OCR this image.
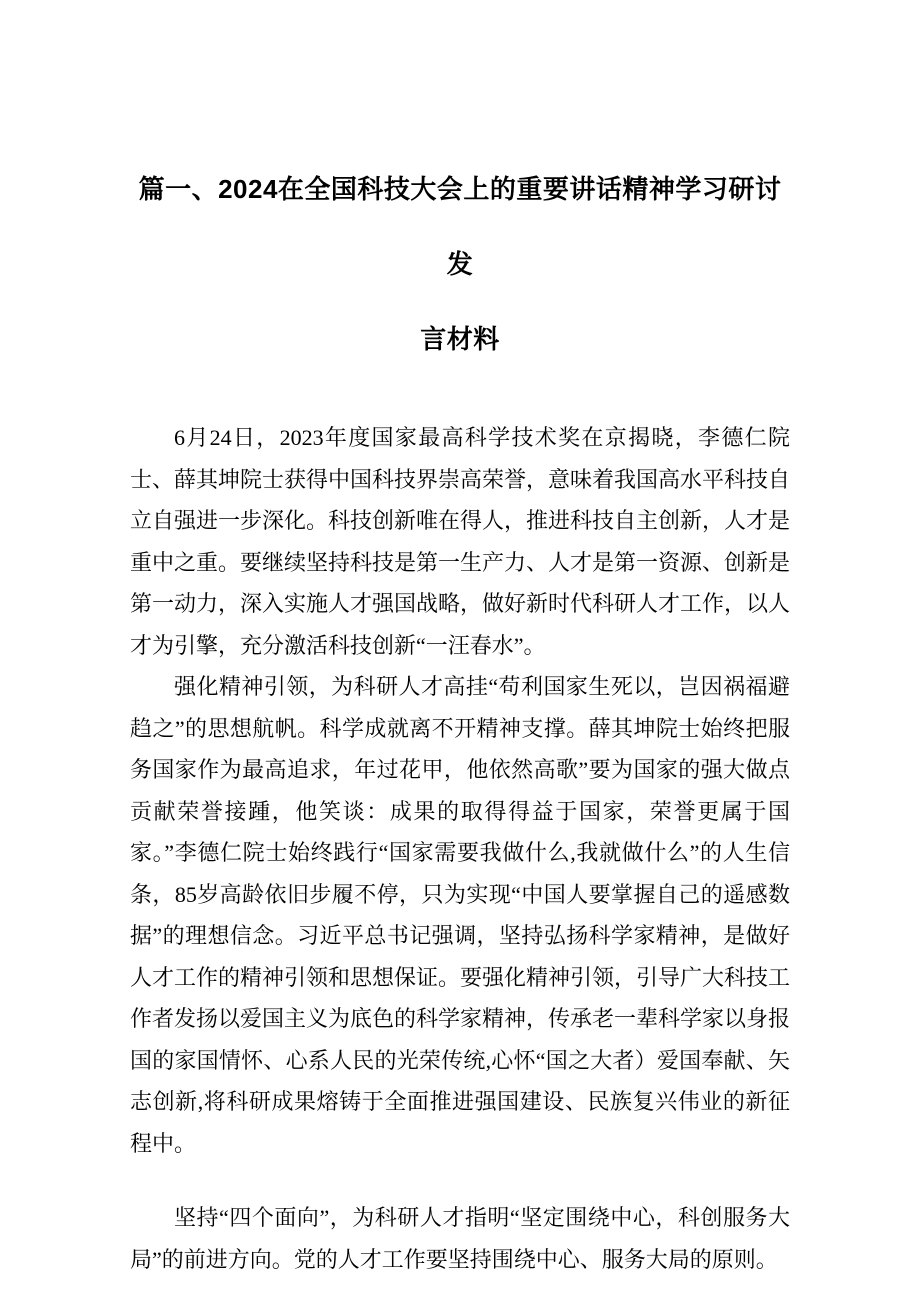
篇一、2024在全国科技大会上的重要讲话精神学习研讨发
言材料

6月24日，2023年度国家最高科学技术奖在京揭晓，李德仁院士、薛其坤院士获得中国科技界崇高荣誉，意味着我国高水平科技自立自强进一步深化。科技创新唯在得人，推进科技自主创新，人才是重中之重。要继续坚持科技是第一生产力、人才是第一资源、创新是第一动力，深入实施人才强国战略，做好新时代科研人才工作，以人才为引擎，充分激活科技创新“一汪春水”。

强化精神引领，为科研人才高挂“苟利国家生死以，岂因祸福避趋之”的思想航帆。科学成就离不开精神支撑。薛其坤院士始终把服务国家作为最高追求，年过花甲，他依然高歌”要为国家的强大做点贡献荣誉接踵，他笑谈：成果的取得得益于国家，荣誉更属于国家。”李德仁院士始终践行“国家需要我做什么,我就做什么”的人生信条，85岁高龄依旧步履不停，只为实现“中国人要掌握自己的遥感数据”的理想信念。习近平总书记强调，坚持弘扬科学家精神，是做好人才工作的精神引领和思想保证。要强化精神引领，引导广大科技工作者发扬以爱国主义为底色的科学家精神，传承老一辈科学家以身报国的家国情怀、心系人民的光荣传统,心怀“国之大者）爱国奉献、矢志创新,将科研成果熔铸于全面推进强国建设、民族复兴伟业的新征程中。

坚持“四个面向”，为科研人才指明“坚定围绕中心，科创服务大局”的前进方向。党的人才工作要坚持围绕中心、服务大局的原则。
